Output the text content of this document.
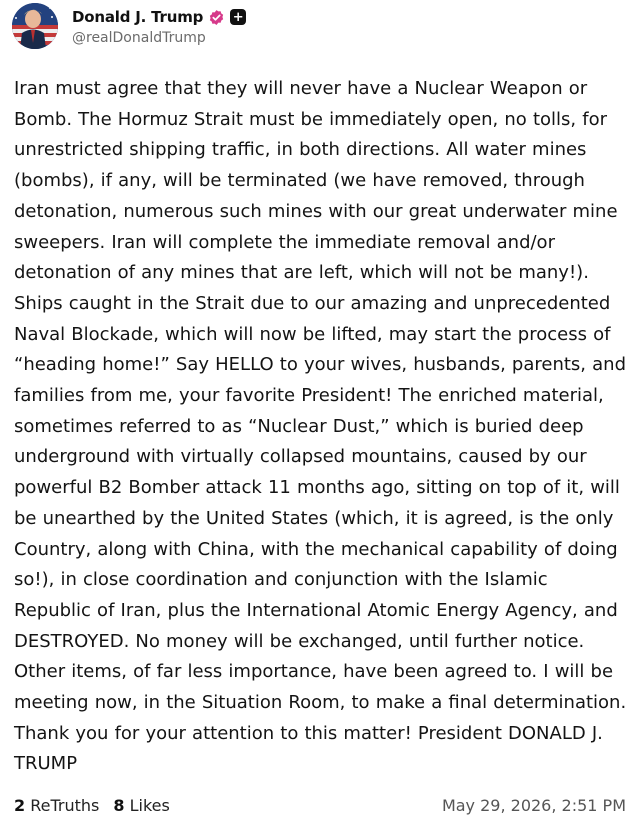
Donald J. Trump +
@realDonaldTrump

Iran must agree that they will never have a Nuclear Weapon or Bomb. The Hormuz Strait must be immediately open, no tolls, for unrestricted shipping traffic, in both directions. All water mines (bombs), if any, will be terminated (we have removed, through detonation, numerous such mines with our great underwater mine sweepers. Iran will complete the immediate removal and/or detonation of any mines that are left, which will not be many!). Ships caught in the Strait due to our amazing and unprecedented Naval Blockade, which will now be lifted, may start the process of “heading home!” Say HELLO to your wives, husbands, parents, and families from me, your favorite President! The enriched material, sometimes referred to as “Nuclear Dust,” which is buried deep underground with virtually collapsed mountains, caused by our powerful B2 Bomber attack 11 months ago, sitting on top of it, will be unearthed by the United States (which, it is agreed, is the only Country, along with China, with the mechanical capability of doing so!), in close coordination and conjunction with the Islamic Republic of Iran, plus the International Atomic Energy Agency, and DESTROYED. No money will be exchanged, until further notice. Other items, of far less importance, have been agreed to. I will be meeting now, in the Situation Room, to make a final determination. Thank you for your attention to this matter! President DONALD J. TRUMP

2 ReTruths 8 Likes	May 29, 2026, 2:51 PM
